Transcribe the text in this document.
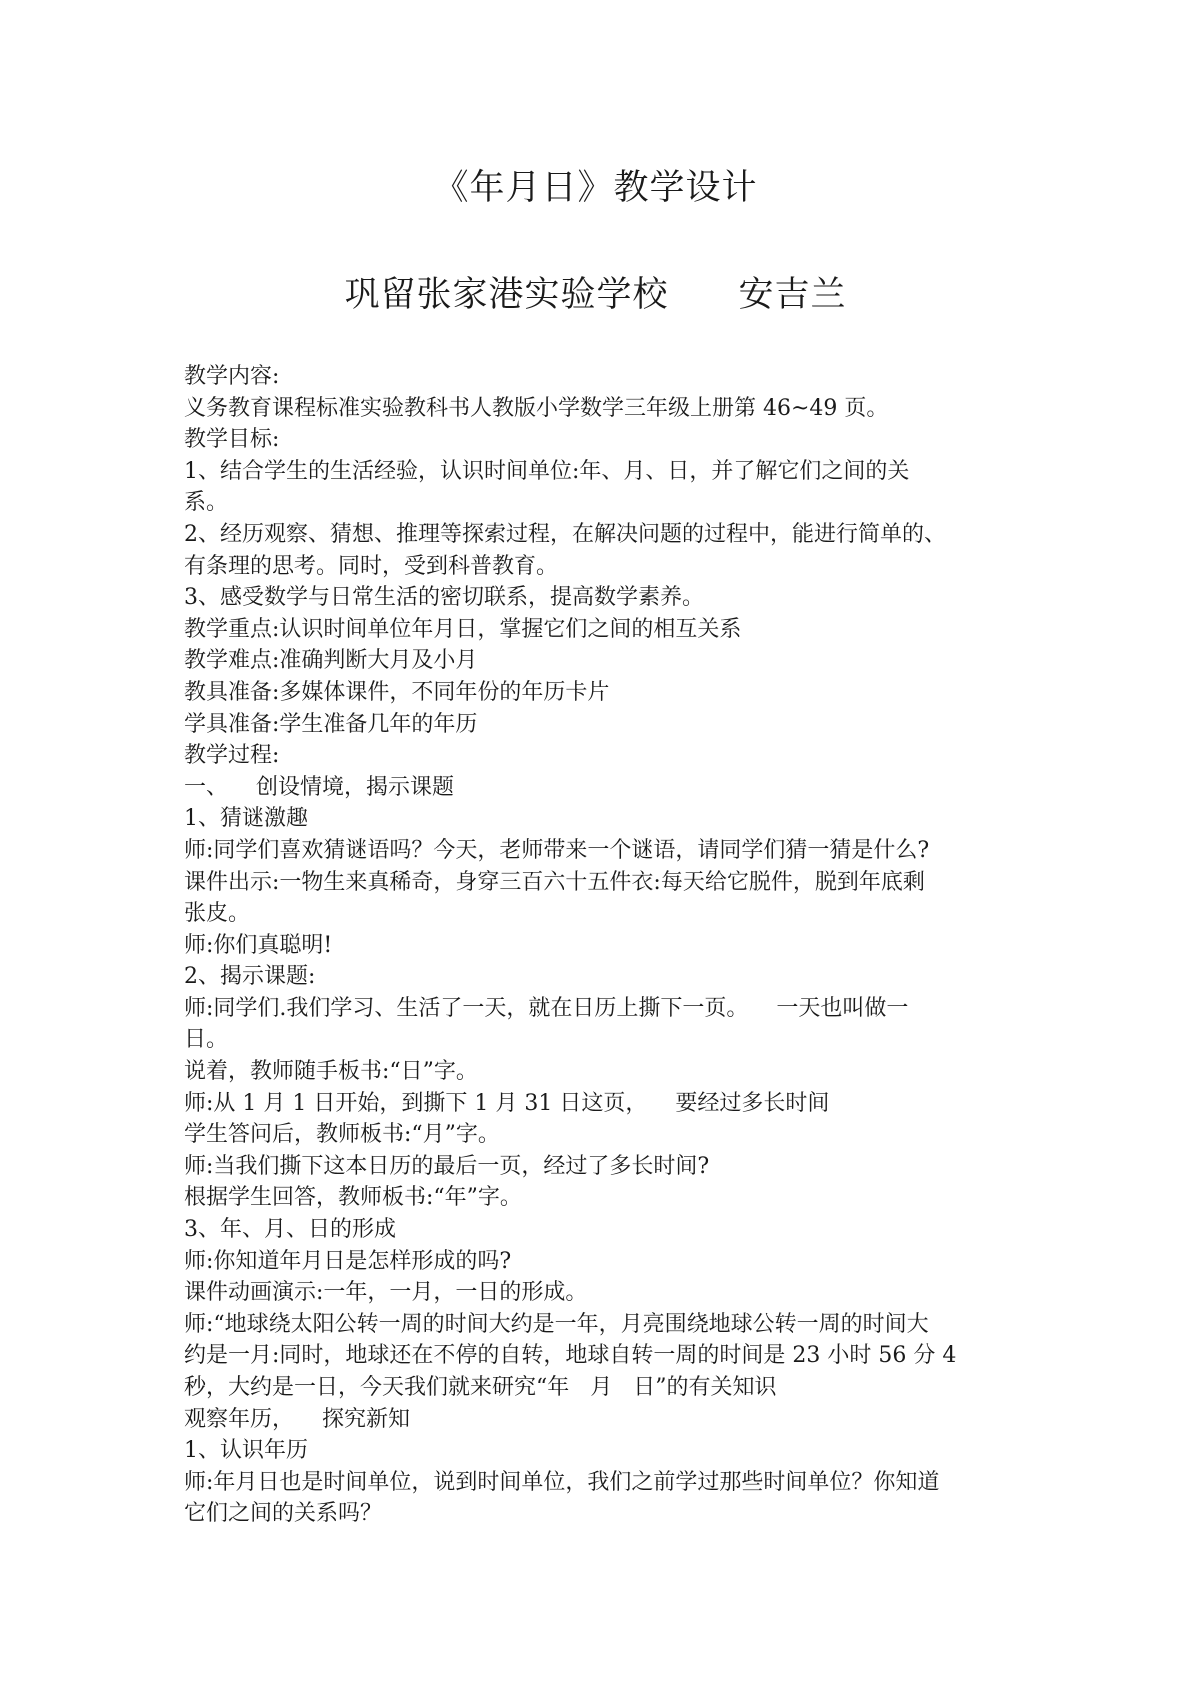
《年月日》教学设计
巩留张家港实验学校 安吉兰
教学内容:
义务教育课程标准实验教科书人教版小学数学三年级上册第 46~49 页。
教学目标:
1、结合学生的生活经验，认识时间单位:年、月、日，并了解它们之间的关
系。
2、经历观察、猜想、推理等探索过程，在解决问题的过程中，能进行简单的、
有条理的思考。同时，受到科普教育。
3、感受数学与日常生活的密切联系，提高数学素养。
教学重点:认识时间单位年月日，掌握它们之间的相互关系
教学难点:准确判断大月及小月
教具准备:多媒体课件，不同年份的年历卡片
学具准备:学生准备几年的年历
教学过程:
一、    创设情境，揭示课题
1、猜谜激趣
师:同学们喜欢猜谜语吗？今天，老师带来一个谜语，请同学们猜一猜是什么?
课件出示:一物生来真稀奇，身穿三百六十五件衣:每天给它脱件，脱到年底剩
张皮。
师:你们真聪明!
2、揭示课题:
师:同学们.我们学习、生活了一天，就在日历上撕下一页。    一天也叫做一
日。
说着，教师随手板书:“日”字。
师:从 1 月 1 日开始，到撕下 1 月 31 日这页，    要经过多长时间
学生答问后，教师板书:“月”字。
师:当我们撕下这本日历的最后一页，经过了多长时间?
根据学生回答，教师板书:“年”字。
3、年、月、日的形成
师:你知道年月日是怎样形成的吗?
课件动画演示:一年，一月，一日的形成。
师:“地球绕太阳公转一周的时间大约是一年，月亮围绕地球公转一周的时间大
约是一月:同时，地球还在不停的自转，地球自转一周的时间是 23 小时 56 分 4
秒，大约是一日，今天我们就来研究“年   月   日”的有关知识
观察年历，    探究新知
1、认识年历
师:年月日也是时间单位，说到时间单位，我们之前学过那些时间单位？你知道
它们之间的关系吗？
